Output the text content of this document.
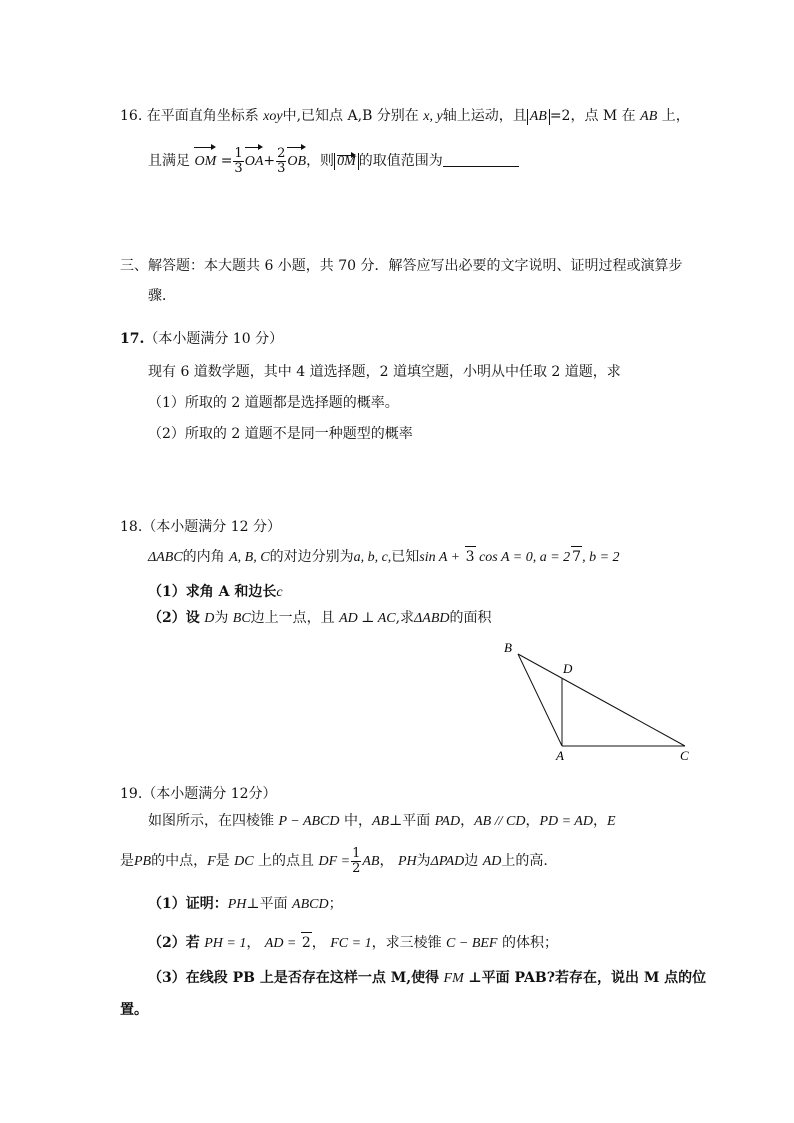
16. 在平面直角坐标系 xoy中,已知点 A,B 分别在 x, y轴上运动，且 AB =2，点 M 在 AB 上，
且满足 OM = $\frac{1}{3} OA+ \frac{2}{3}$ OB，则 0M 的取值范围为
三、解答题：本大题共 6 小题，共 70 分．解答应写出必要的文字说明、证明过程或演算步
骤．
17.（本小题满分 10 分）
现有 6 道数学题，其中 4 道选择题，2 道填空题，小明从中任取 2 道题，求
（1）所取的 2 道题都是选择题的概率。
（2）所取的 2 道题不是同一种题型的概率
18.（本小题满分 12 分）
ΔABC的内角 A, B, C的对边分别为a, b, c,已知sin A + 3 cos A = 0, a = 2 7, b = 2
（1）求角 A 和边长c
（2）设 D为 BC边上一点，且 AD ⊥ AC,求ΔABD的面积
B
D
A	C
19.（本小题满分 12分）
如图所示，在四棱锥 P − ABCD 中，AB⊥平面 PAD，AB // CD，PD = AD，E
是PB的中点，F是 DC 上的点且 DF = $\frac{1}{2}$ AB， PH为ΔPAD边 AD上的高.
（1）证明：PH⊥平面 ABCD；
（2）若 PH = 1， AD = 2， FC = 1，求三棱锥 C − BEF 的体积；
（3）在线段 PB 上是否存在这样一点 M,使得 FM ⊥平面 PAB?若存在，说出 M 点的位
置。
